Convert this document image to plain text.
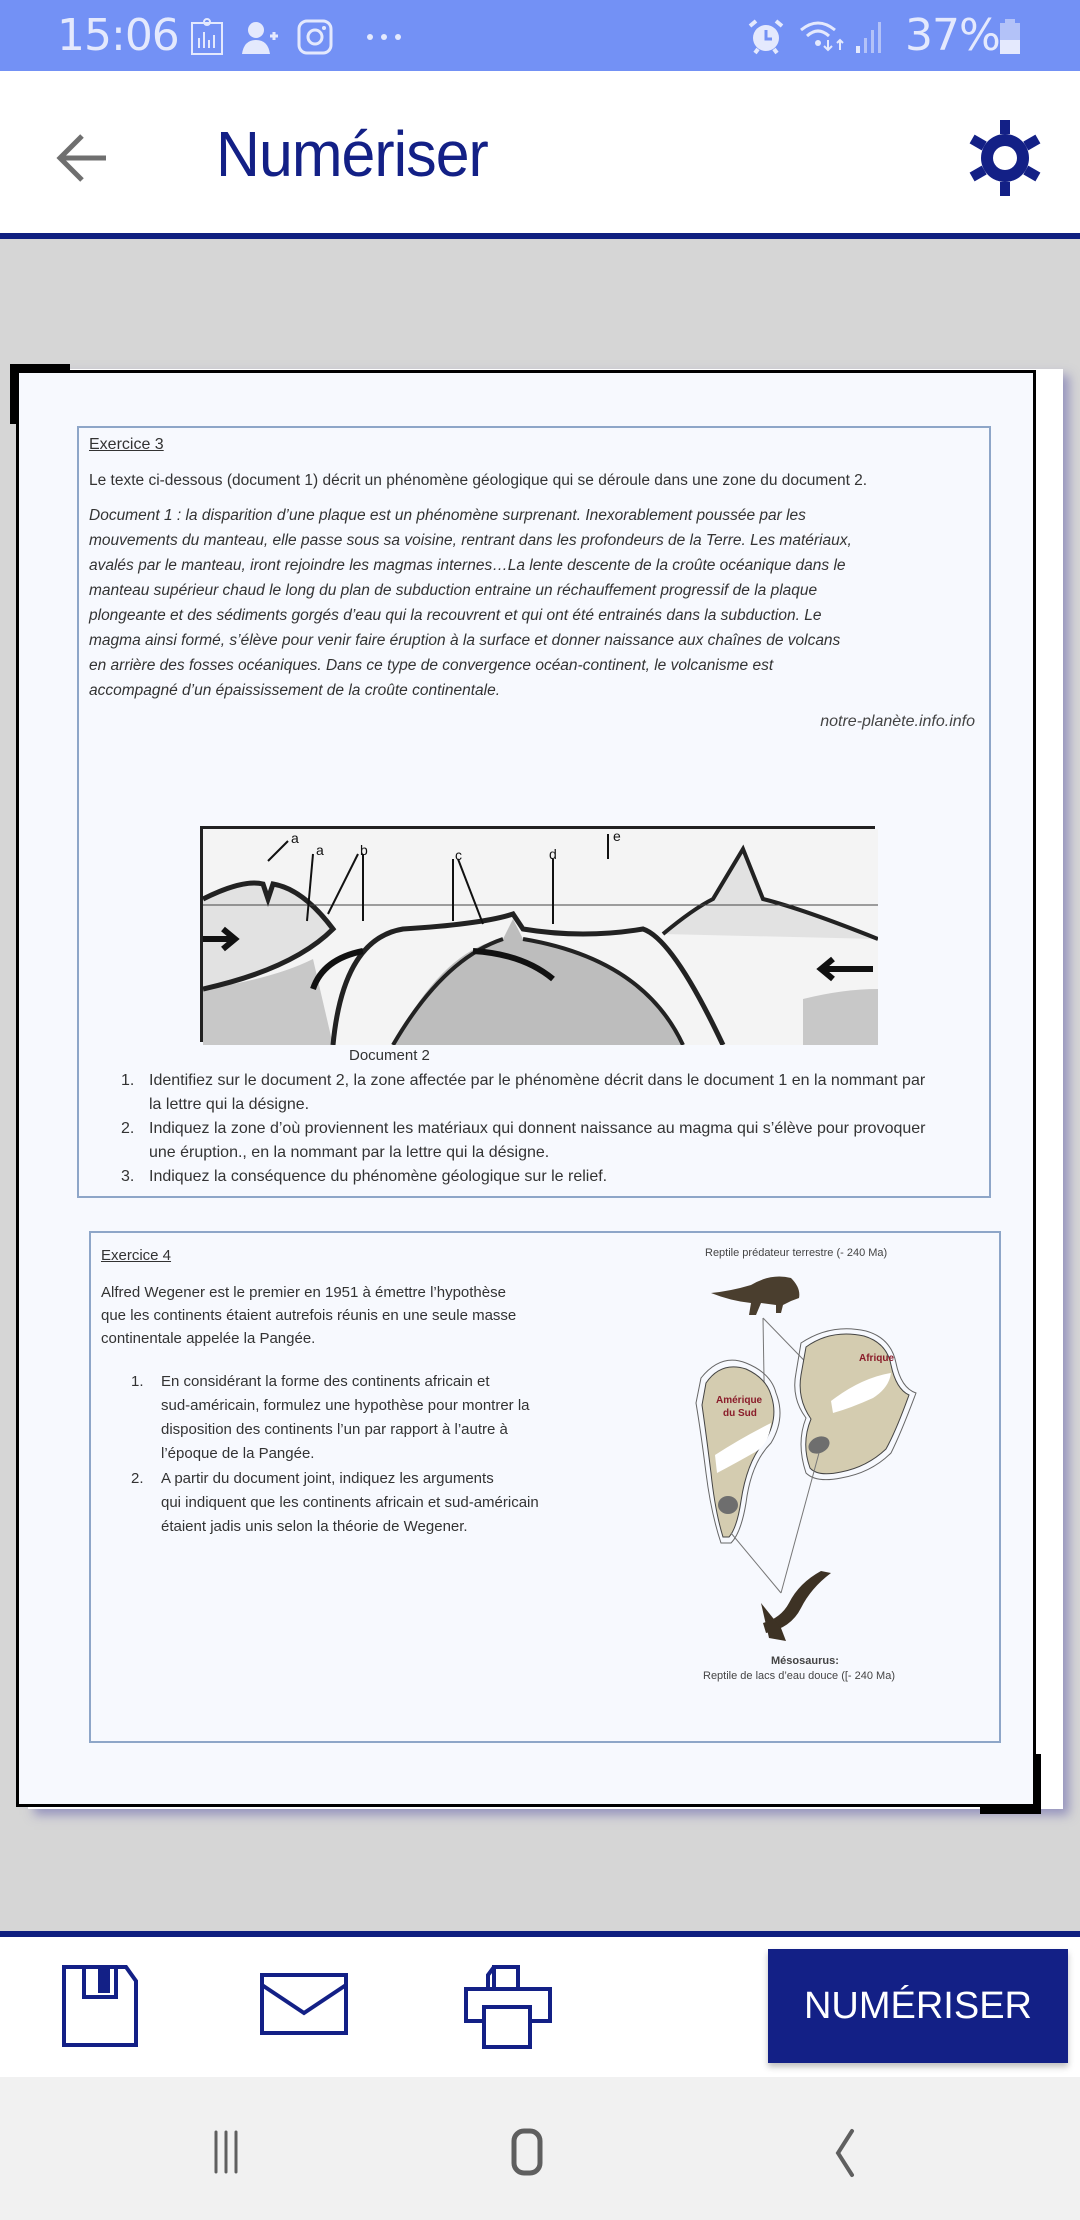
15:06	37%
Numériser
Exercice 3
Le texte ci-dessous (document 1) décrit un phénomène géologique qui se déroule dans une zone du document 2.
Document 1 : la disparition d’une plaque est un phénomène surprenant. Inexorablement poussée par les
mouvements du manteau, elle passe sous sa voisine, rentrant dans les profondeurs de la Terre. Les matériaux,
avalés par le manteau, iront rejoindre les magmas internes…La lente descente de la croûte océanique dans le
manteau supérieur chaud le long du plan de subduction entraine un réchauffement progressif de la plaque
plongeante et des sédiments gorgés d’eau qui la recouvrent et qui ont été entrainés dans la subduction. Le
magma ainsi formé, s’élève pour venir faire éruption à la surface et donner naissance aux chaînes de volcans
en arrière des fosses océaniques. Dans ce type de convergence océan-continent, le volcanisme est
accompagné d’un épaississement de la croûte continentale.
notre-planète.info.info
a
a	b	c	d
e
Document 2
1. Identifiez sur le document 2, la zone affectée par le phénomène décrit dans le document 1 en la nommant par
la lettre qui la désigne.
2. Indiquez la zone d’où proviennent les matériaux qui donnent naissance au magma qui s’élève pour provoquer
une éruption., en la nommant par la lettre qui la désigne.
3. Indiquez la conséquence du phénomène géologique sur le relief.
Exercice 4
Alfred Wegener est le premier en 1951 à émettre l’hypothèse
que les continents étaient autrefois réunis en une seule masse
continentale appelée la Pangée.
1. En considérant la forme des continents africain et
sud-américain, formulez une hypothèse pour montrer la
disposition des continents l’un par rapport à l’autre à
l’époque de la Pangée.
2. A partir du document joint, indiquez les arguments
qui indiquent que les continents africain et sud-américain
étaient jadis unis selon la théorie de Wegener.
Reptile prédateur terrestre (- 240 Ma)
Afrique
Amérique
du Sud
Mésosaurus:
Reptile de lacs d’eau douce ([- 240 Ma)
NUMÉRISER
